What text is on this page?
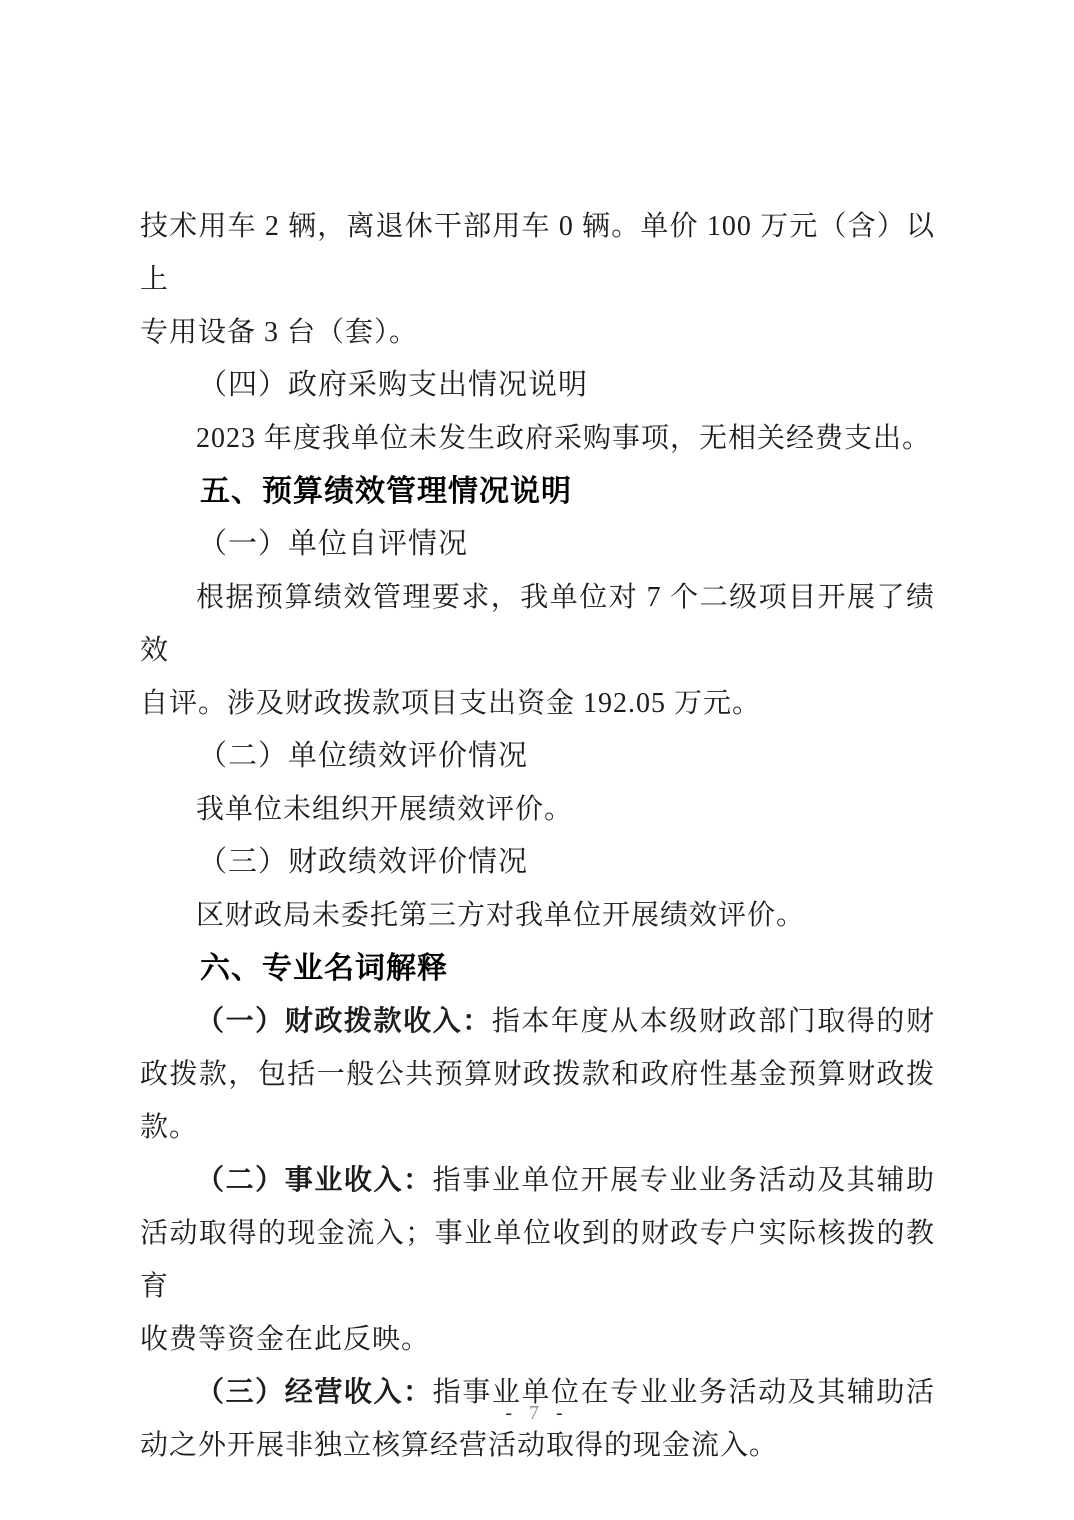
技术用车 2 辆，离退休干部用车 0 辆。单价 100 万元（含）以上
专用设备 3 台（套）。
（四）政府采购支出情况说明
2023 年度我单位未发生政府采购事项，无相关经费支出。
五、预算绩效管理情况说明
（一）单位自评情况
根据预算绩效管理要求，我单位对 7 个二级项目开展了绩效
自评。涉及财政拨款项目支出资金 192.05 万元。
（二）单位绩效评价情况
我单位未组织开展绩效评价。
（三）财政绩效评价情况
区财政局未委托第三方对我单位开展绩效评价。
六、专业名词解释
（一）财政拨款收入：指本年度从本级财政部门取得的财
政拨款，包括一般公共预算财政拨款和政府性基金预算财政拨
款。
（二）事业收入：指事业单位开展专业业务活动及其辅助
活动取得的现金流入；事业单位收到的财政专户实际核拨的教育
收费等资金在此反映。
（三）经营收入：指事业单位在专业业务活动及其辅助活
动之外开展非独立核算经营活动取得的现金流入。
- 7 -
